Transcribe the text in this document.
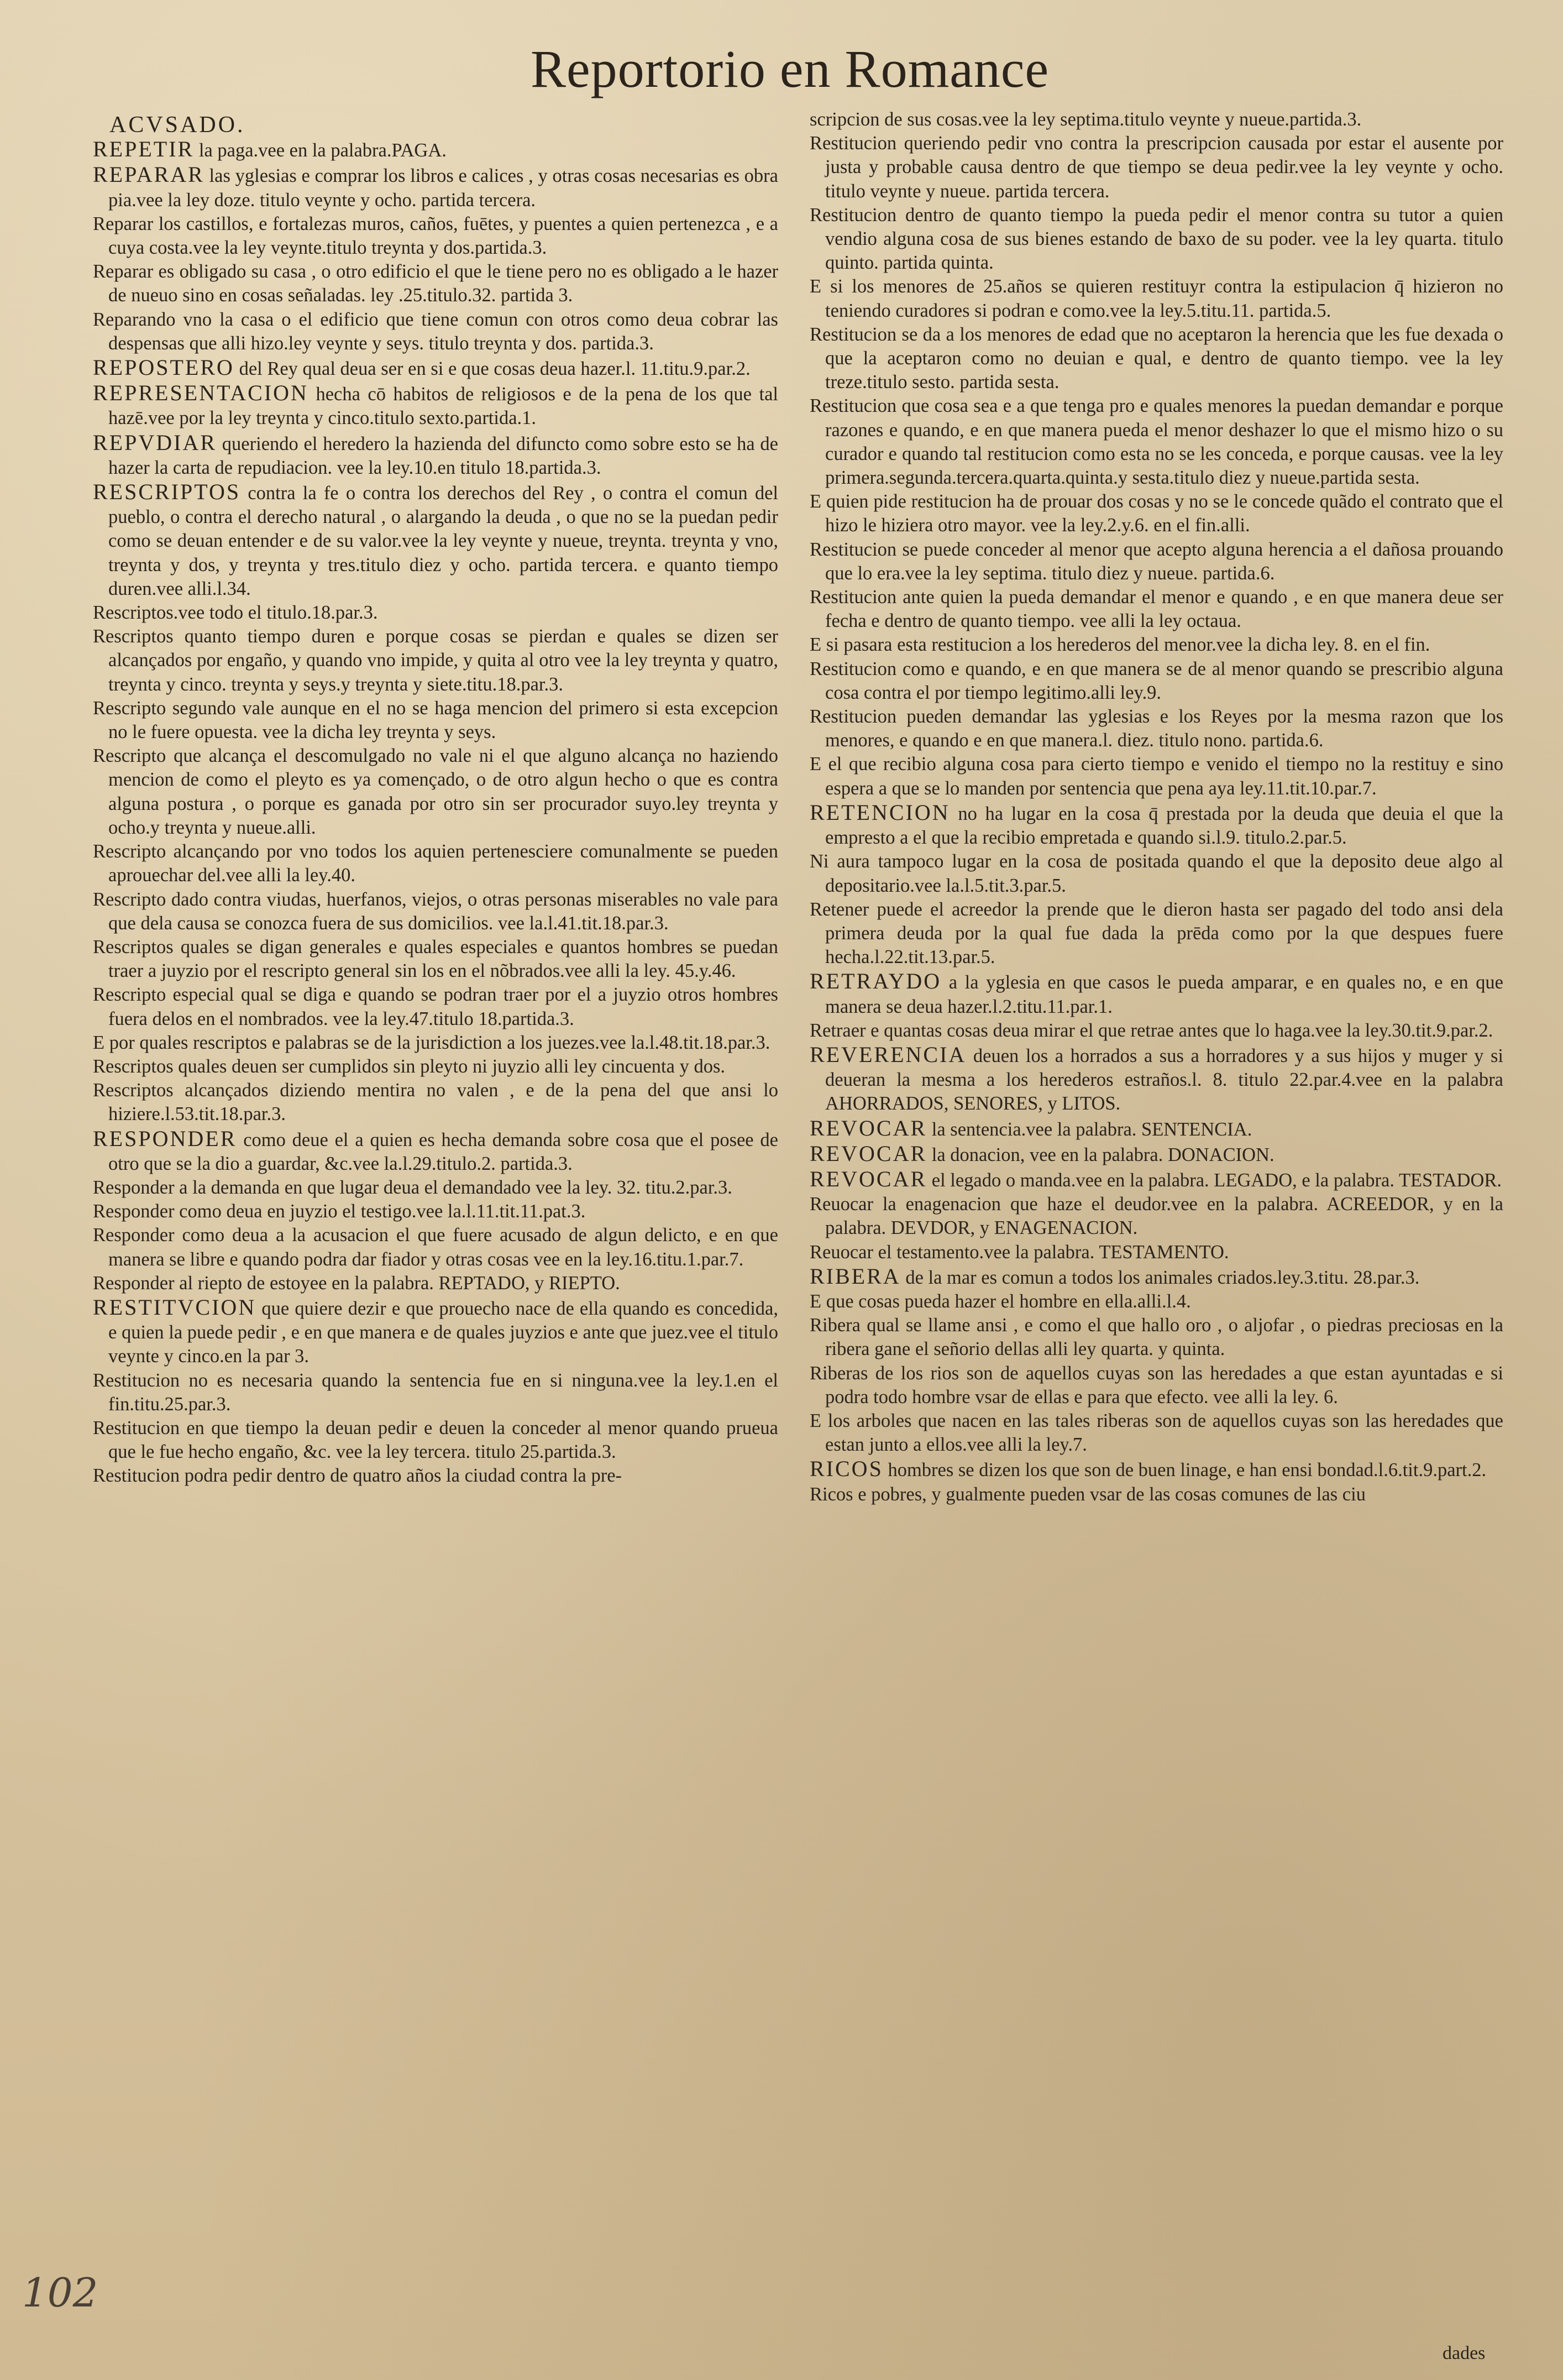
Reportorio en Romance

ACVSADO.

REPETIR la paga.vee en la palabra.PAGA.

REPARAR las yglesias e comprar los libros e calices , y otras cosas necesarias es obra pia.vee la ley doze. titulo veynte y ocho. partida tercera.

Reparar los castillos, e fortalezas muros, caños, fuētes, y puentes a quien pertenezca , e a cuya costa.vee la ley veynte.titulo treynta y dos.partida.3.

Reparar es obligado su casa , o otro edificio el que le tiene pero no es obligado a le hazer de nueuo sino en cosas señaladas. ley .25.titulo.32. partida 3.

Reparando vno la casa o el edificio que tiene comun con otros como deua cobrar las despensas que alli hizo.ley veynte y seys. titulo treynta y dos. partida.3.

REPOSTERO del Rey qual deua ser en si e que cosas deua hazer.l. 11.titu.9.par.2.

REPRESENTACION hecha cō habitos de religiosos e de la pena de los que tal hazē.vee por la ley treynta y cinco.titulo sexto.partida.1.

REPVDIAR queriendo el heredero la hazienda del difuncto como sobre esto se ha de hazer la carta de repudiacion. vee la ley.10.en titulo 18.partida.3.

RESCRIPTOS contra la fe o contra los derechos del Rey , o contra el comun del pueblo, o contra el derecho natural , o alargando la deuda , o que no se la puedan pedir como se deuan entender e de su valor.vee la ley veynte y nueue, treynta. treynta y vno, treynta y dos, y treynta y tres.titulo diez y ocho. partida tercera. e quanto tiempo duren.vee alli.l.34.

Rescriptos.vee todo el titulo.18.par.3.

Rescriptos quanto tiempo duren e porque cosas se pierdan e quales se dizen ser alcançados por engaño, y quando vno impide, y quita al otro vee la ley treynta y quatro, treynta y cinco. treynta y seys.y treynta y siete.titu.18.par.3.

Rescripto segundo vale aunque en el no se haga mencion del primero si esta excepcion no le fuere opuesta. vee la dicha ley treynta y seys.

Rescripto que alcança el descomulgado no vale ni el que alguno alcança no haziendo mencion de como el pleyto es ya començado, o de otro algun hecho o que es contra alguna postura , o porque es ganada por otro sin ser procurador suyo.ley treynta y ocho.y treynta y nueue.alli.

Rescripto alcançando por vno todos los aquien pertenesciere comunalmente se pueden aprouechar del.vee alli la ley.40.

Rescripto dado contra viudas, huerfanos, viejos, o otras personas miserables no vale para que dela causa se conozca fuera de sus domicilios. vee la.l.41.tit.18.par.3.

Rescriptos quales se digan generales e quales especiales e quantos hombres se puedan traer a juyzio por el rescripto general sin los en el nõbrados.vee alli la ley. 45.y.46.

Rescripto especial qual se diga e quando se podran traer por el a juyzio otros hombres fuera delos en el nombrados. vee la ley.47.titulo 18.partida.3.

E por quales rescriptos e palabras se de la jurisdiction a los juezes.vee la.l.48.tit.18.par.3.

Rescriptos quales deuen ser cumplidos sin pleyto ni juyzio alli ley cincuenta y dos.

Rescriptos alcançados diziendo mentira no valen , e de la pena del que ansi lo hiziere.l.53.tit.18.par.3.

RESPONDER como deue el a quien es hecha demanda sobre cosa que el posee de otro que se la dio a guardar, &c.vee la.l.29.titulo.2. partida.3.

Responder a la demanda en que lugar deua el demandado vee la ley. 32. titu.2.par.3.

Responder como deua en juyzio el testigo.vee la.l.11.tit.11.pat.3.

Responder como deua a la acusacion el que fuere acusado de algun delicto, e en que manera se libre e quando podra dar fiador y otras cosas vee en la ley.16.titu.1.par.7.

Responder al riepto de estoyee en la palabra. REPTADO, y RIEPTO.

RESTITVCION que quiere dezir e que prouecho nace de ella quando es concedida, e quien la puede pedir , e en que manera e de quales juyzios e ante que juez.vee el titulo veynte y cinco.en la par 3.

Restitucion no es necesaria quando la sentencia fue en si ninguna.vee la ley.1.en el fin.titu.25.par.3.

Restitucion en que tiempo la deuan pedir e deuen la conceder al menor quando prueua que le fue hecho engaño, &c. vee la ley tercera. titulo 25.partida.3.

Restitucion podra pedir dentro de quatro años la ciudad contra la pre-

scripcion de sus cosas.vee la ley septima.titulo veynte y nueue.partida.3.

Restitucion queriendo pedir vno contra la prescripcion causada por estar el ausente por justa y probable causa dentro de que tiempo se deua pedir.vee la ley veynte y ocho. titulo veynte y nueue. partida tercera.

Restitucion dentro de quanto tiempo la pueda pedir el menor contra su tutor a quien vendio alguna cosa de sus bienes estando de baxo de su poder. vee la ley quarta. titulo quinto. partida quinta.

E si los menores de 25.años se quieren restituyr contra la estipulacion q̄ hizieron no teniendo curadores si podran e como.vee la ley.5.titu.11. partida.5.

Restitucion se da a los menores de edad que no aceptaron la herencia que les fue dexada o que la aceptaron como no deuian e qual, e dentro de quanto tiempo. vee la ley treze.titulo sesto. partida sesta.

Restitucion que cosa sea e a que tenga pro e quales menores la puedan demandar e porque razones e quando, e en que manera pueda el menor deshazer lo que el mismo hizo o su curador e quando tal restitucion como esta no se les conceda, e porque causas. vee la ley primera.segunda.tercera.quarta.quinta.y sesta.titulo diez y nueue.partida sesta.

E quien pide restitucion ha de prouar dos cosas y no se le concede quãdo el contrato que el hizo le hiziera otro mayor. vee la ley.2.y.6. en el fin.alli.

Restitucion se puede conceder al menor que acepto alguna herencia a el dañosa prouando que lo era.vee la ley septima. titulo diez y nueue. partida.6.

Restitucion ante quien la pueda demandar el menor e quando , e en que manera deue ser fecha e dentro de quanto tiempo. vee alli la ley octaua.

E si pasara esta restitucion a los herederos del menor.vee la dicha ley. 8. en el fin.

Restitucion como e quando, e en que manera se de al menor quando se prescribio alguna cosa contra el por tiempo legitimo.alli ley.9.

Restitucion pueden demandar las yglesias e los Reyes por la mesma razon que los menores, e quando e en que manera.l. diez. titulo nono. partida.6.

E el que recibio alguna cosa para cierto tiempo e venido el tiempo no la restituy e sino espera a que se lo manden por sentencia que pena aya ley.11.tit.10.par.7.

RETENCION no ha lugar en la cosa q̄ prestada por la deuda que deuia el que la empresto a el que la recibio empretada e quando si.l.9. titulo.2.par.5.

Ni aura tampoco lugar en la cosa de positada quando el que la deposito deue algo al depositario.vee la.l.5.tit.3.par.5.

Retener puede el acreedor la prende que le dieron hasta ser pagado del todo ansi dela primera deuda por la qual fue dada la prēda como por la que despues fuere hecha.l.22.tit.13.par.5.

RETRAYDO a la yglesia en que casos le pueda amparar, e en quales no, e en que manera se deua hazer.l.2.titu.11.par.1.

Retraer e quantas cosas deua mirar el que retrae antes que lo haga.vee la ley.30.tit.9.par.2.

REVERENCIA deuen los a horrados a sus a horradores y a sus hijos y muger y si deueran la mesma a los herederos estraños.l. 8. titulo 22.par.4.vee en la palabra AHORRADOS, SENORES, y LITOS.

REVOCAR la sentencia.vee la palabra. SENTENCIA.

REVOCAR la donacion, vee en la palabra. DONACION.

REVOCAR el legado o manda.vee en la palabra. LEGADO, e la palabra. TESTADOR.

Reuocar la enagenacion que haze el deudor.vee en la palabra. ACREEDOR, y en la palabra. DEVDOR, y ENAGENACION.

Reuocar el testamento.vee la palabra. TESTAMENTO.

RIBERA de la mar es comun a todos los animales criados.ley.3.titu. 28.par.3.

E que cosas pueda hazer el hombre en ella.alli.l.4.

Ribera qual se llame ansi , e como el que hallo oro , o aljofar , o piedras preciosas en la ribera gane el señorio dellas alli ley quarta. y quinta.

Riberas de los rios son de aquellos cuyas son las heredades a que estan ayuntadas e si podra todo hombre vsar de ellas e para que efecto. vee alli la ley. 6.

E los arboles que nacen en las tales riberas son de aquellos cuyas son las heredades que estan junto a ellos.vee alli la ley.7.

RICOS hombres se dizen los que son de buen linage, e han ensi bondad.l.6.tit.9.part.2.

Ricos e pobres, y gualmente pueden vsar de las cosas comunes de las ciu

dades
102
